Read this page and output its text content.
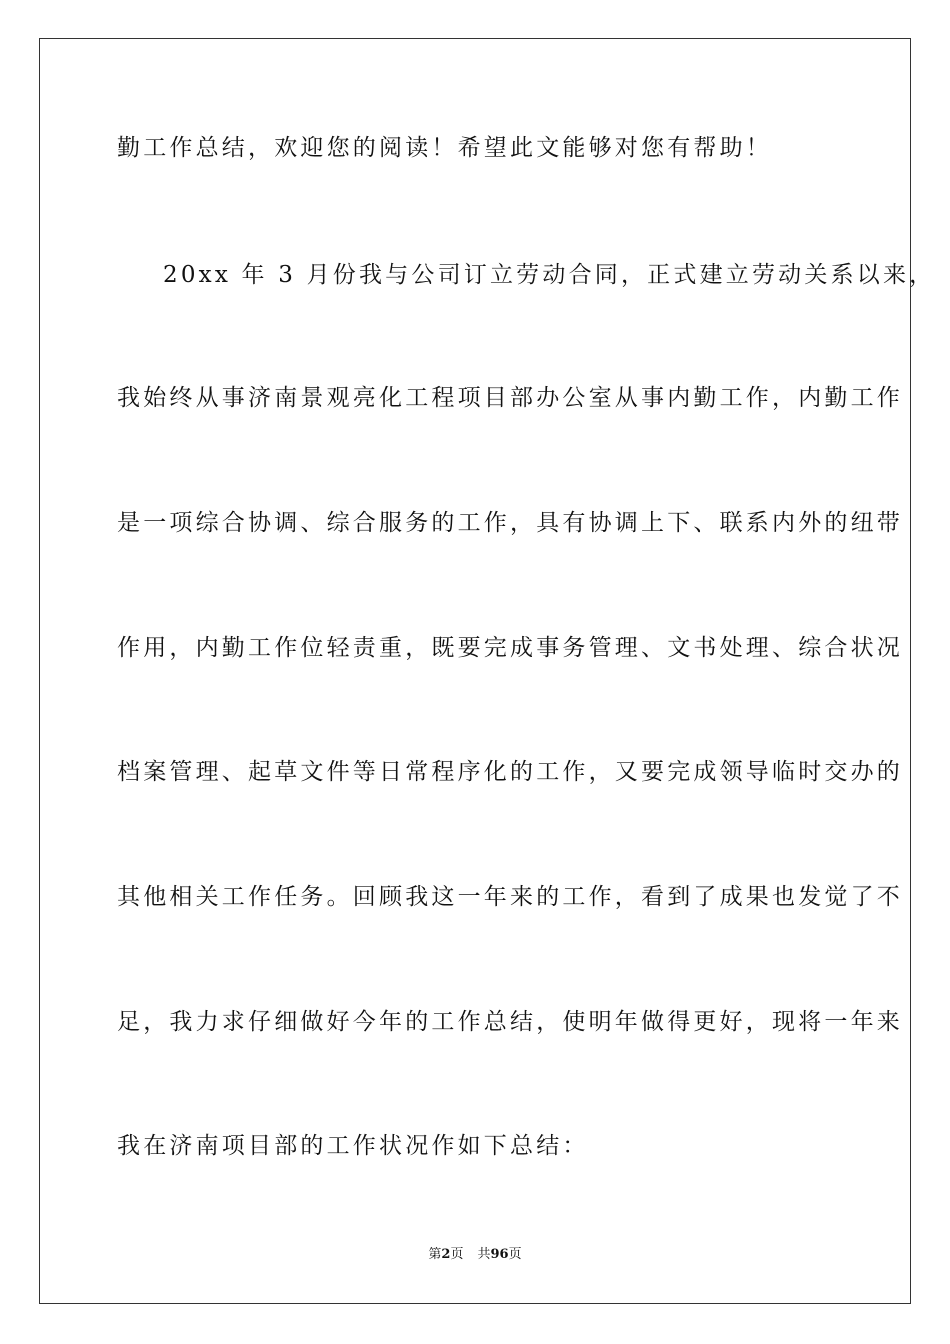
勤工作总结，欢迎您的阅读！希望此文能够对您有帮助！
20xx 年 3 月份我与公司订立劳动合同，正式建立劳动关系以来，
我始终从事济南景观亮化工程项目部办公室从事内勤工作，内勤工作
是一项综合协调、综合服务的工作，具有协调上下、联系内外的纽带
作用，内勤工作位轻责重，既要完成事务管理、文书处理、综合状况
档案管理、起草文件等日常程序化的工作，又要完成领导临时交办的
其他相关工作任务。回顾我这一年来的工作，看到了成果也发觉了不
足，我力求仔细做好今年的工作总结，使明年做得更好，现将一年来
我在济南项目部的工作状况作如下总结：
第2页 共96页
